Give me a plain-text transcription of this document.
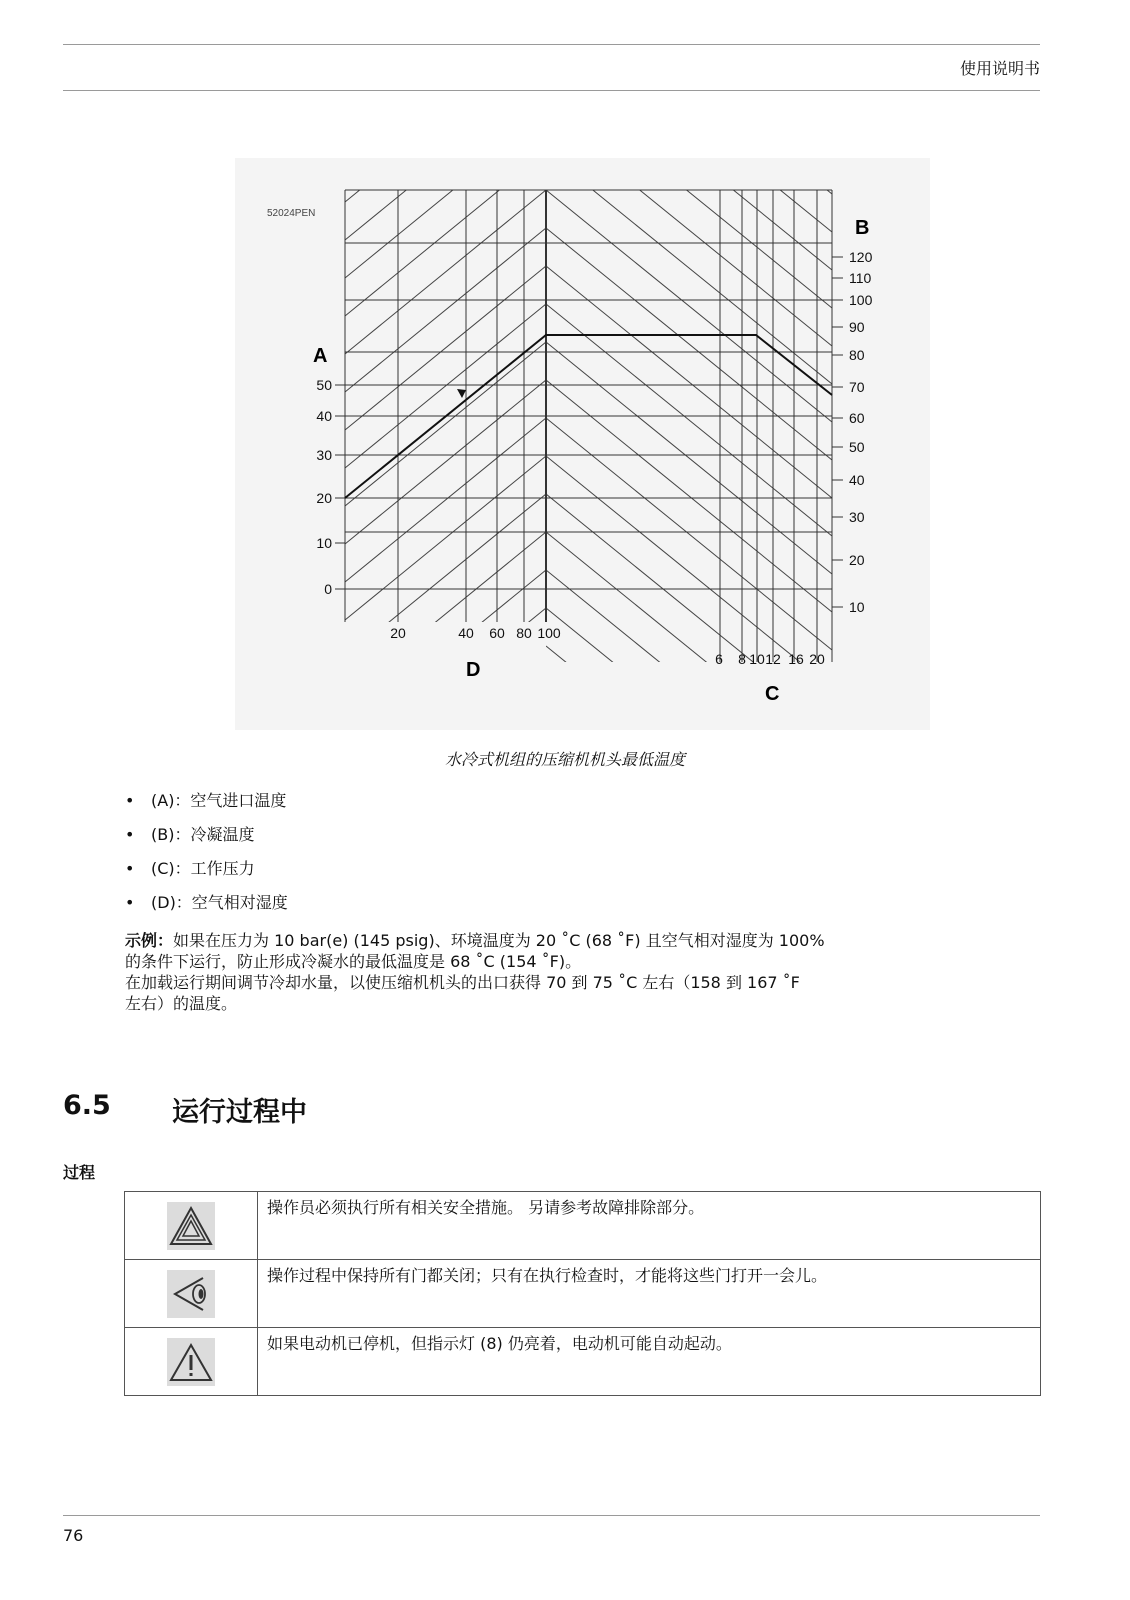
使用说明书
52024PEN
A
B
D
C
120
110
100
90
80
70
60
50
40
30
20
10
50
40
30
20
10
0
20	40 60 80 100
6 8 10 12 16 20
水冷式机组的压缩机机头最低温度
• (A)：空气进口温度
• (B)：冷凝温度
• (C)：工作压力
• (D)：空气相对湿度
示例：如果在压力为 10 bar(e) (145 psig)、环境温度为 20 ˚C (68 ˚F) 且空气相对湿度为 100%
的条件下运行，防止形成冷凝水的最低温度是 68 ˚C (154 ˚F)。
在加载运行期间调节冷却水量，以使压缩机机头的出口获得 70 到 75 ˚C 左右（158 到 167 ˚F
左右）的温度。
6.5 运行过程中
过程
	操作员必须执行所有相关安全措施。 另请参考故障排除部分。
	操作过程中保持所有门都关闭；只有在执行检查时，才能将这些门打开一会儿。
	如果电动机已停机，但指示灯 (8) 仍亮着，电动机可能自动起动。
76
